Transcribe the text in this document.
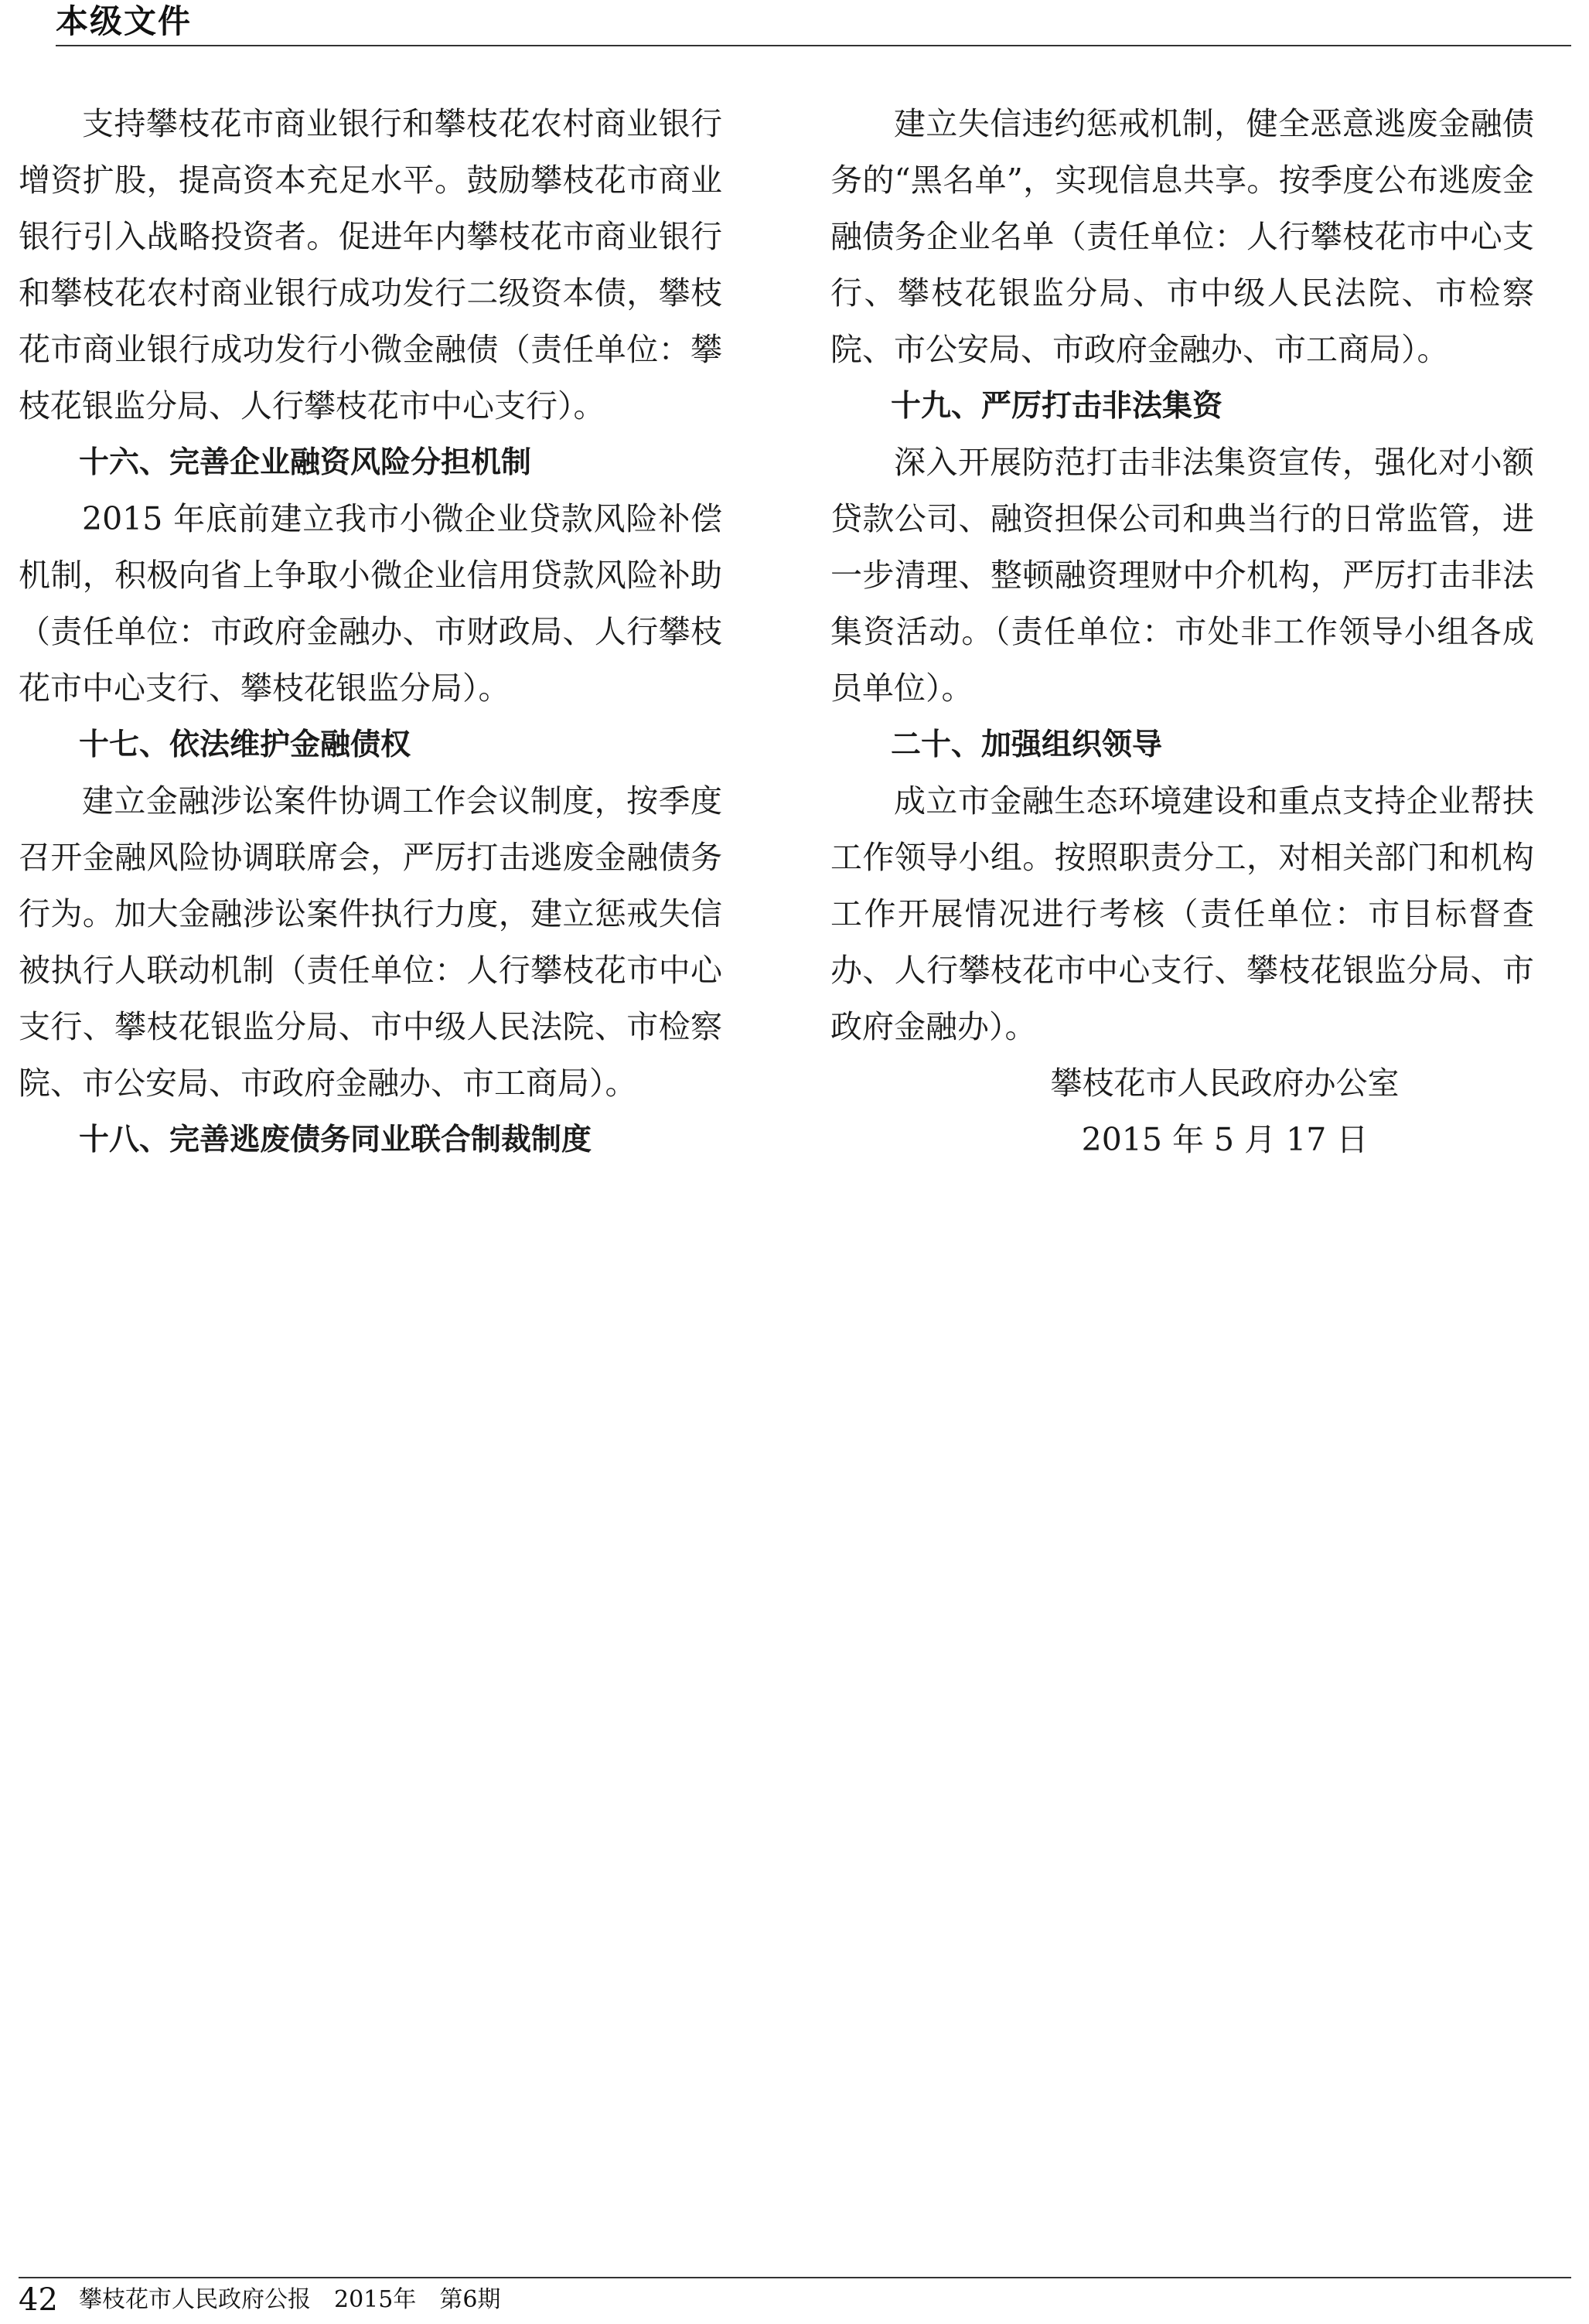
本级文件

支持攀枝花市商业银行和攀枝花农村商业银行增资扩股，提高资本充足水平。鼓励攀枝花市商业银行引入战略投资者。促进年内攀枝花市商业银行和攀枝花农村商业银行成功发行二级资本债，攀枝花市商业银行成功发行小微金融债（责任单位：攀枝花银监分局、人行攀枝花市中心支行）。

十六、完善企业融资风险分担机制

2015 年底前建立我市小微企业贷款风险补偿机制，积极向省上争取小微企业信用贷款风险补助（责任单位：市政府金融办、市财政局、人行攀枝花市中心支行、攀枝花银监分局）。

十七、依法维护金融债权

建立金融涉讼案件协调工作会议制度，按季度召开金融风险协调联席会，严厉打击逃废金融债务行为。加大金融涉讼案件执行力度，建立惩戒失信被执行人联动机制（责任单位：人行攀枝花市中心支行、攀枝花银监分局、市中级人民法院、市检察院、市公安局、市政府金融办、市工商局）。

十八、完善逃废债务同业联合制裁制度

建立失信违约惩戒机制，健全恶意逃废金融债务的“黑名单”，实现信息共享。按季度公布逃废金融债务企业名单（责任单位：人行攀枝花市中心支行、攀枝花银监分局、市中级人民法院、市检察院、市公安局、市政府金融办、市工商局）。

十九、严厉打击非法集资

深入开展防范打击非法集资宣传，强化对小额贷款公司、融资担保公司和典当行的日常监管，进一步清理、整顿融资理财中介机构，严厉打击非法集资活动。（责任单位：市处非工作领导小组各成员单位）。

二十、加强组织领导

成立市金融生态环境建设和重点支持企业帮扶工作领导小组。按照职责分工，对相关部门和机构工作开展情况进行考核（责任单位：市目标督查办、人行攀枝花市中心支行、攀枝花银监分局、市政府金融办）。

攀枝花市人民政府办公室

2015 年 5 月 17 日

42 攀枝花市人民政府公报　2015年　第6期
